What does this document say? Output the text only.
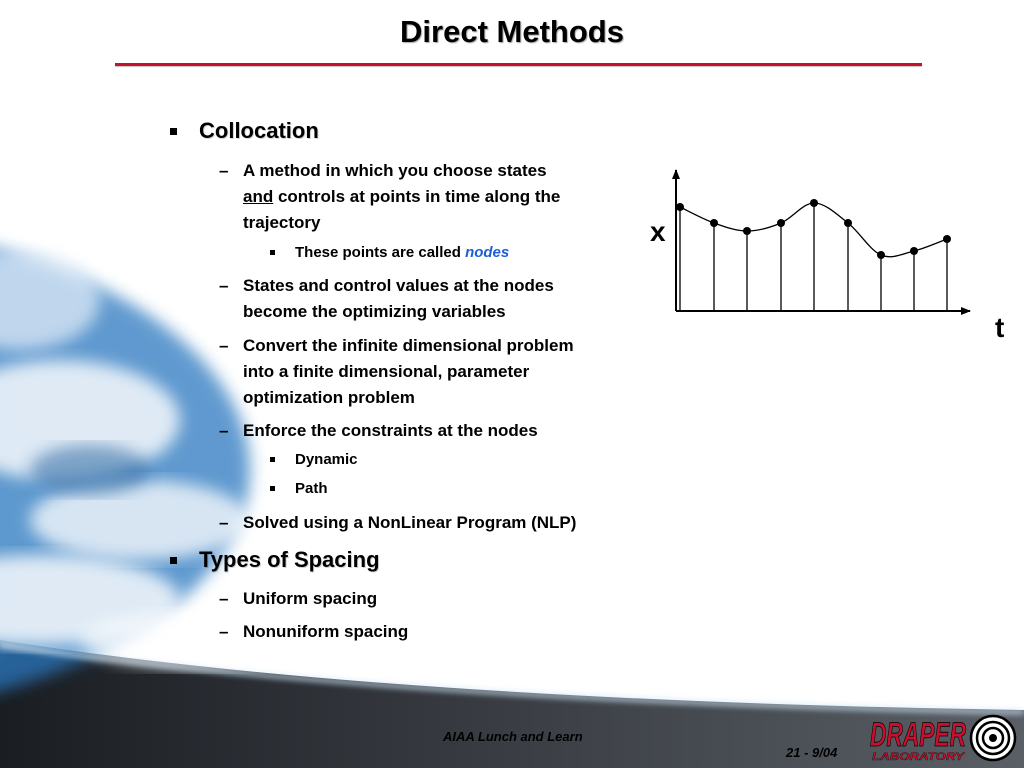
Direct Methods
Collocation
– A method in which you choose states
and controls at points in time along the
trajectory
These points are called nodes
– States and control values at the nodes
become the optimizing variables
– Convert the infinite dimensional problem
into a finite dimensional, parameter
optimization problem
– Enforce the constraints at the nodes
Dynamic
Path
– Solved using a NonLinear Program (NLP)
Types of Spacing
– Uniform spacing
– Nonuniform spacing
x
t
AIAA Lunch and Learn
21 - 9/04 DRAPER
LABORATORY
